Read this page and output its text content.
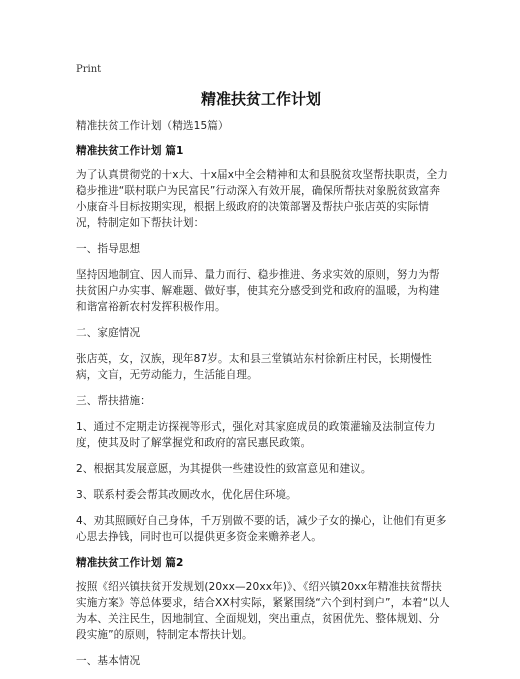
Print
精准扶贫工作计划

精准扶贫工作计划（精选15篇）

精准扶贫工作计划 篇1

为了认真贯彻党的十x大、十x届x中全会精神和太和县脱贫攻坚帮扶职责，全力稳步推进“联村联户为民富民”行动深入有效开展，确保所帮扶对象脱贫致富奔小康奋斗目标按期实现，根据上级政府的决策部署及帮扶户张店英的实际情况，特制定如下帮扶计划：

一、指导思想

坚持因地制宜、因人而异、量力而行、稳步推进、务求实效的原则，努力为帮扶贫困户办实事、解难题、做好事，使其充分感受到党和政府的温暖，为构建和谐富裕新农村发挥积极作用。

二、家庭情况

张店英，女，汉族，现年87岁。太和县三堂镇站东村徐新庄村民，长期慢性病，文盲，无劳动能力，生活能自理。

三、帮扶措施：

1、通过不定期走访探视等形式，强化对其家庭成员的政策灌输及法制宣传力度，使其及时了解掌握党和政府的富民惠民政策。

2、根据其发展意愿，为其提供一些建设性的致富意见和建议。

3、联系村委会帮其改厕改水，优化居住环境。

4、劝其照顾好自己身体，千万别做不要的话，减少子女的操心，让他们有更多心思去挣钱，同时也可以提供更多资金来赡养老人。

精准扶贫工作计划 篇2

按照《绍兴镇扶贫开发规划(20xx—20xx年)》、《绍兴镇20xx年精准扶贫帮扶实施方案》等总体要求，结合XX村实际，紧紧围绕“六个到村到户”，本着“以人为本、关注民生，因地制宜、全面规划，突出重点，贫困优先、整体规划、分段实施”的原则，特制定本帮扶计划。

一、基本情况
